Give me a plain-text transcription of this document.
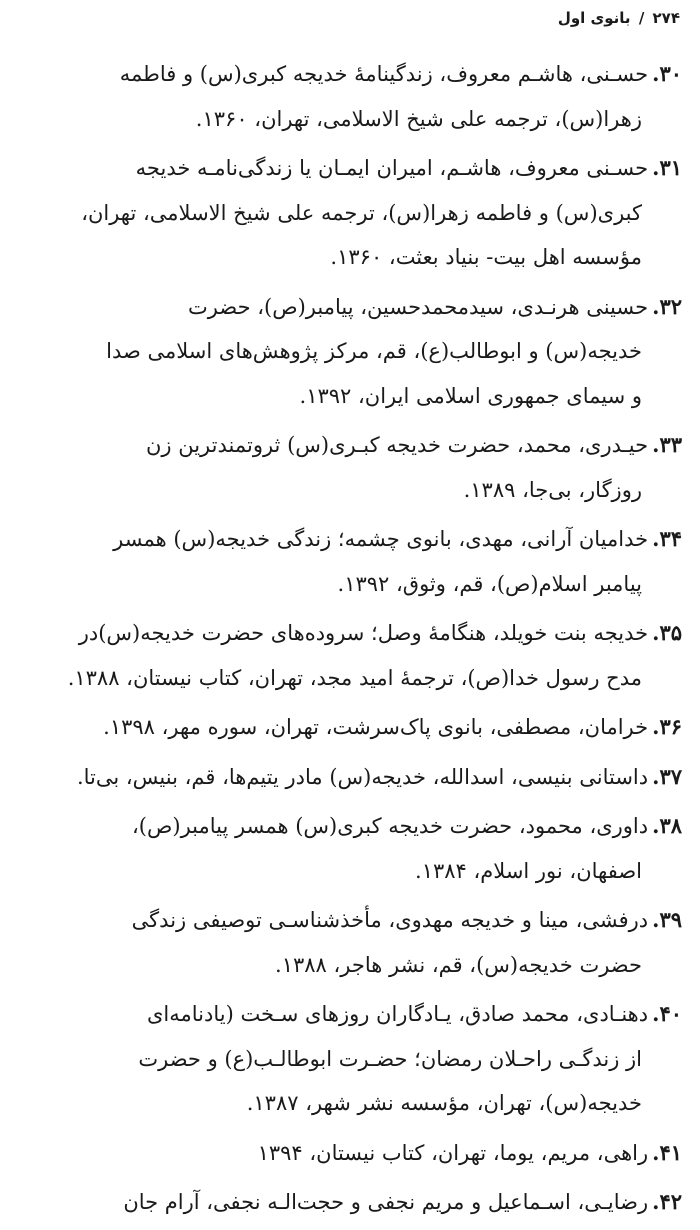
۲۷۴ / بانوی اول
۳۰.حسـنی، هاشـم معروف، زندگینامهٔ خدیجه کبری(س) و فاطمه
زهرا(س)، ترجمه علی شیخ الاسلامی، تهران، ۱۳۶۰.
۳۱.حسـنی معروف، هاشـم، امیران ایمـان یا زندگی‌نامـه خدیجه
کبری(س) و فاطمه زهرا(س)، ترجمه علی شیخ الاسلامی، تهران،
مؤسسه اهل بیت- بنیاد بعثت، ۱۳۶۰.
۳۲.حسینی هرنـدی، سیدمحمدحسین، پیامبر(ص)، حضرت
خدیجه(س) و ابوطالب(ع)، قم، مرکز پژوهش‌های اسلامی صدا
و سیمای جمهوری اسلامی ایران، ۱۳۹۲.
۳۳.حیـدری، محمد، حضرت خدیجه کبـری(س) ثروتمندترین زن
روزگار، بی‌جا، ۱۳۸۹.
۳۴.خدامیان آرانی، مهدی، بانوی چشمه؛ زندگی خدیجه(س) همسر
پیامبر اسلام(ص)، قم، وثوق، ۱۳۹۲.
۳۵.خدیجه بنت خویلد، هنگامهٔ وصل؛ سروده‌های حضرت خدیجه(س)در
مدح رسول خدا(ص)، ترجمهٔ امید مجد، تهران، کتاب نیستان، ۱۳۸۸.
۳۶.خرامان، مصطفی، بانوی پاک‌سرشت، تهران، سوره مهر، ۱۳۹۸.
۳۷.داستانی بنیسی، اسدالله، خدیجه(س) مادر یتیم‌ها، قم، بنیس، بی‌تا.
۳۸.داوری، محمود، حضرت خدیجه کبری(س) همسر پیامبر(ص)،
اصفهان، نور اسلام، ۱۳۸۴.
۳۹.درفشی، مینا و خدیجه مهدوی، مأخذشناسـی توصیفی زندگی
حضرت خدیجه(س)، قم، نشر هاجر، ۱۳۸۸.
۴۰.دهنـادی، محمد صادق، یـادگاران روزهای سـخت (یادنامه‌ای
از زندگـی راحـلان رمضان؛ حضـرت ابوطالـب(ع) و حضرت
خدیجه(س)، تهران، مؤسسه نشر شهر، ۱۳۸۷.
۴۱.راهی، مریم، یوما، تهران، کتاب نیستان، ۱۳۹۴
۴۲.رضایـی، اسـماعیل و مریم نجفی و حجت‌الـه نجفی، آرام جان
